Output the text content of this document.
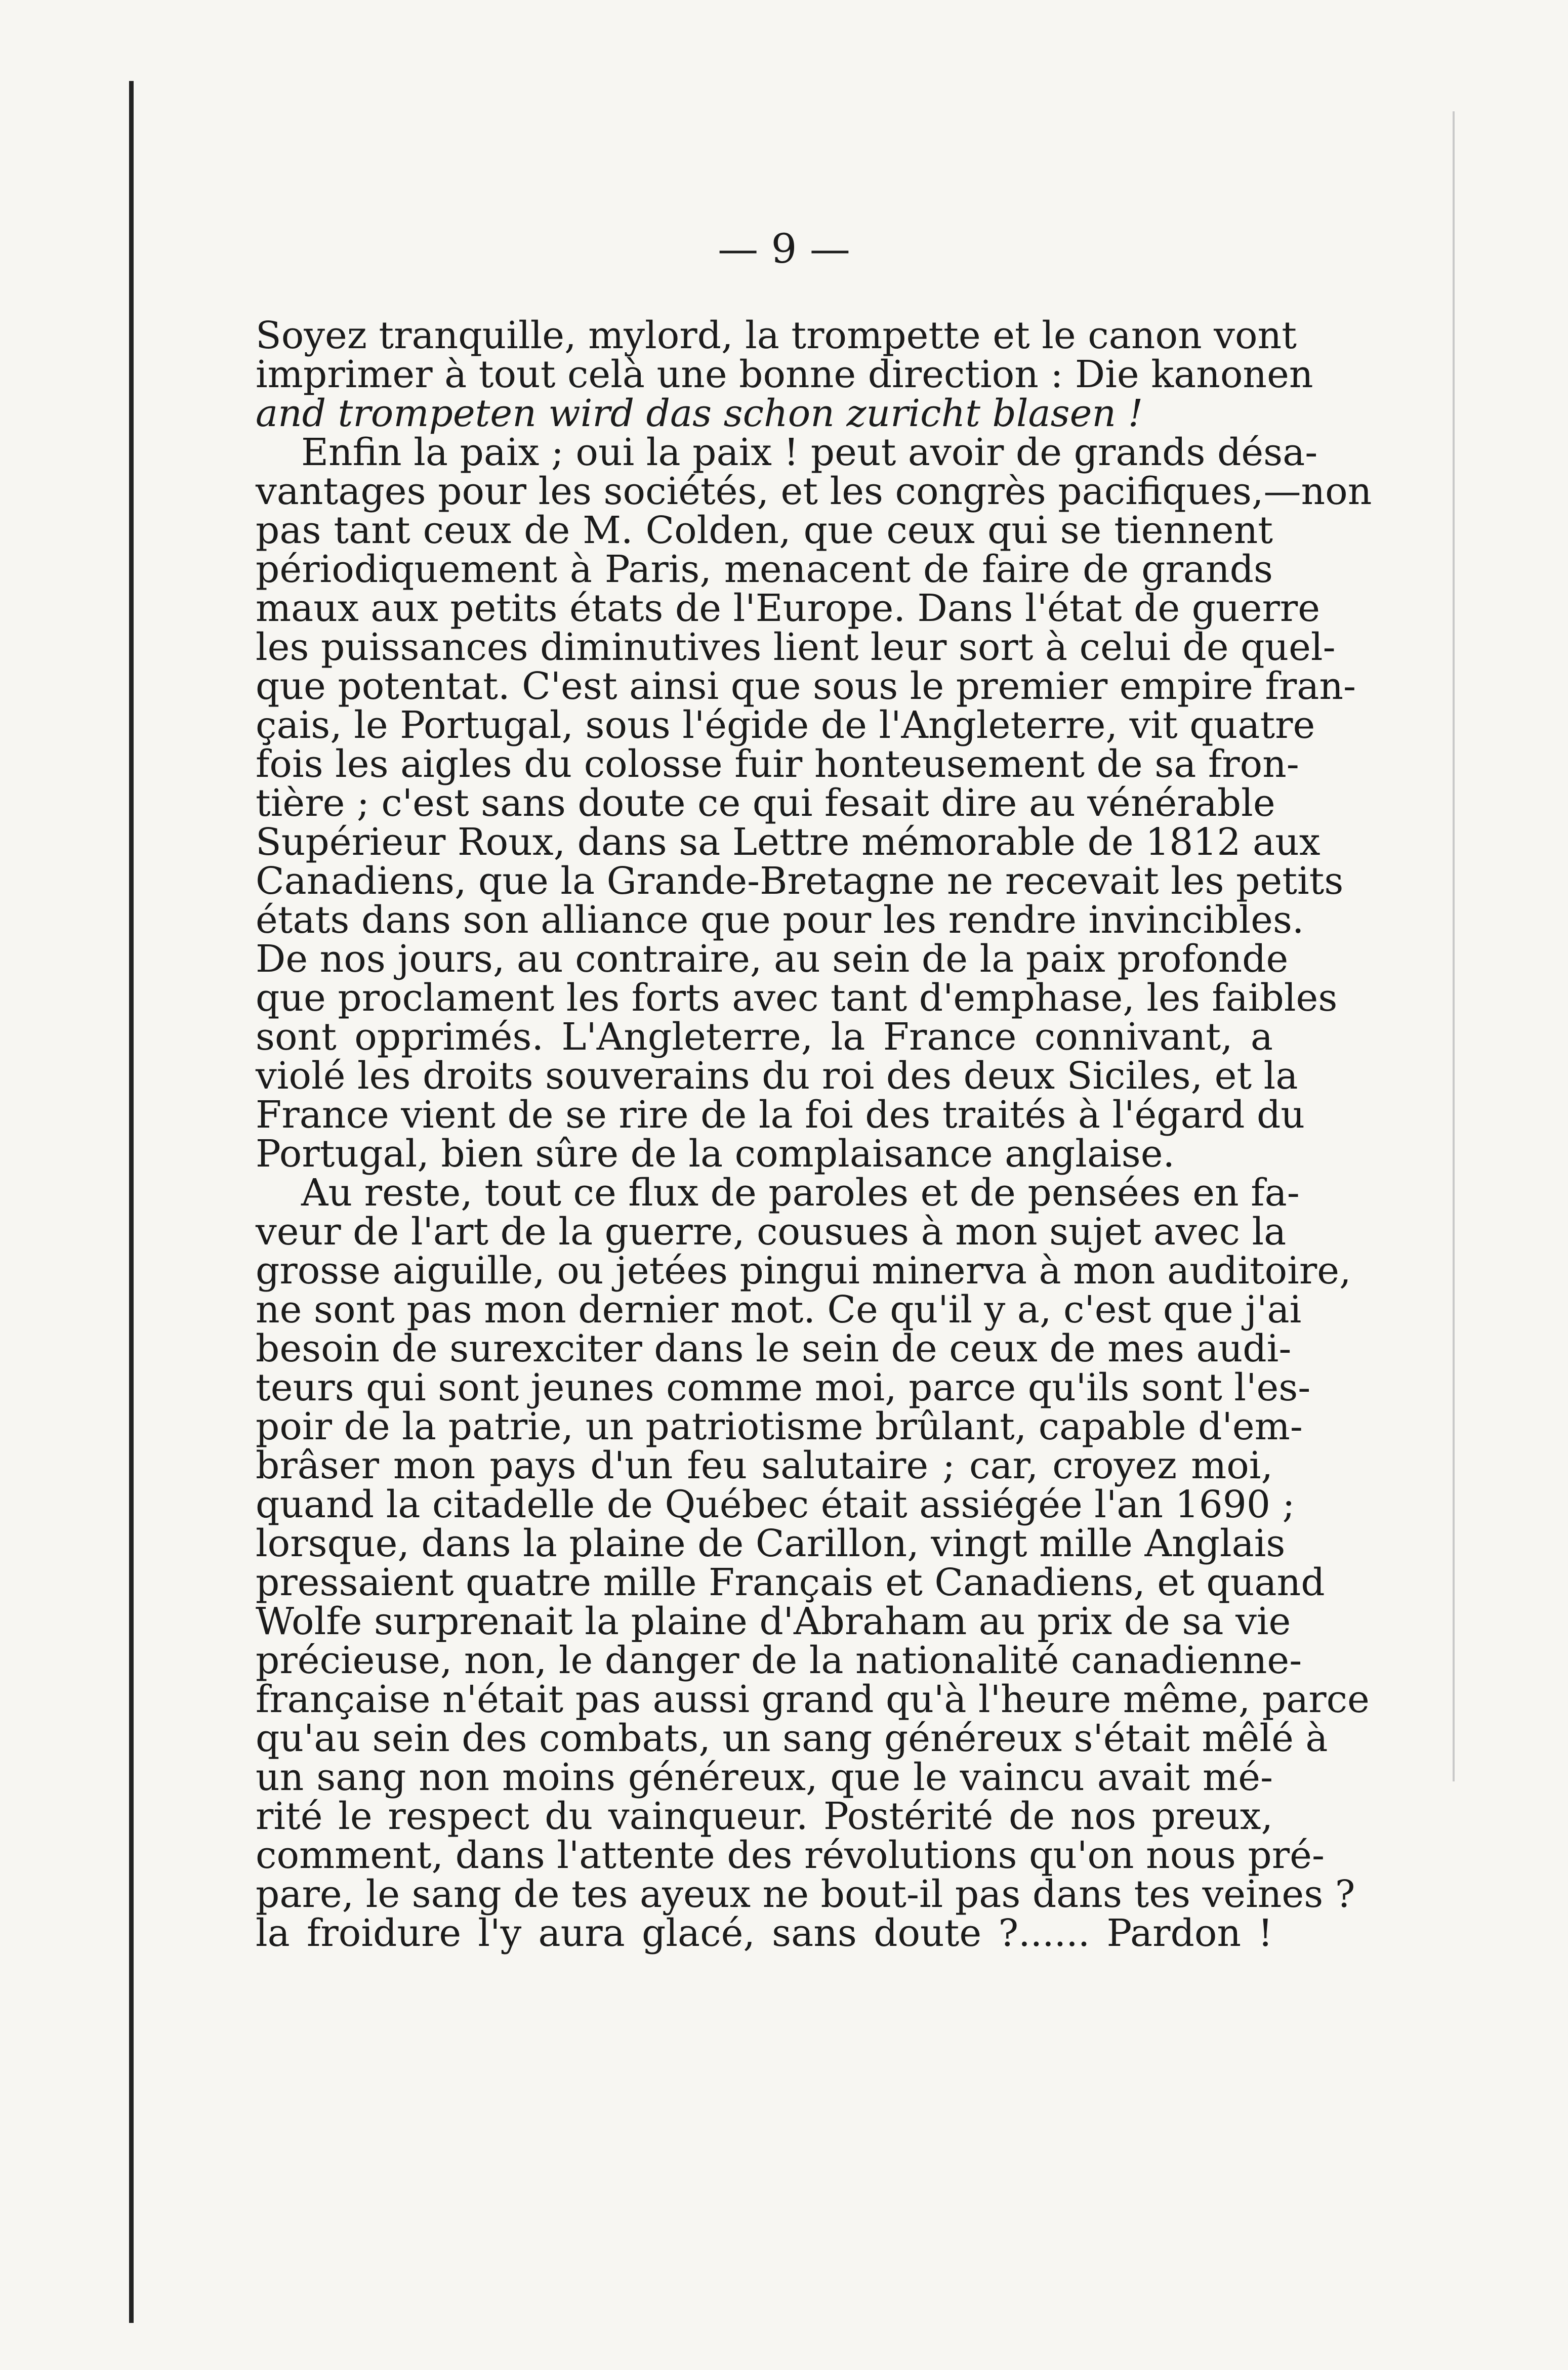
— 9 —
Soyez tranquille, mylord, la trompette et le canon vont
imprimer à tout celà une bonne direction : Die kanonen
and trompeten wird das schon zuricht blasen !
Enfin la paix ; oui la paix ! peut avoir de grands désa-
vantages pour les sociétés, et les congrès pacifiques,—non
pas tant ceux de M. Colden, que ceux qui se tiennent
périodiquement à Paris, menacent de faire de grands
maux aux petits états de l'Europe. Dans l'état de guerre
les puissances diminutives lient leur sort à celui de quel-
que potentat. C'est ainsi que sous le premier empire fran-
çais, le Portugal, sous l'égide de l'Angleterre, vit quatre
fois les aigles du colosse fuir honteusement de sa fron-
tière ; c'est sans doute ce qui fesait dire au vénérable
Supérieur Roux, dans sa Lettre mémorable de 1812 aux
Canadiens, que la Grande-Bretagne ne recevait les petits
états dans son alliance que pour les rendre invincibles.
De nos jours, au contraire, au sein de la paix profonde
que proclament les forts avec tant d'emphase, les faibles
sont opprimés. L'Angleterre, la France connivant, a
violé les droits souverains du roi des deux Siciles, et la
France vient de se rire de la foi des traités à l'égard du
Portugal, bien sûre de la complaisance anglaise.
Au reste, tout ce flux de paroles et de pensées en fa-
veur de l'art de la guerre, cousues à mon sujet avec la
grosse aiguille, ou jetées pingui minerva à mon auditoire,
ne sont pas mon dernier mot. Ce qu'il y a, c'est que j'ai
besoin de surexciter dans le sein de ceux de mes audi-
teurs qui sont jeunes comme moi, parce qu'ils sont l'es-
poir de la patrie, un patriotisme brûlant, capable d'em-
brâser mon pays d'un feu salutaire ; car, croyez moi,
quand la citadelle de Québec était assiégée l'an 1690 ;
lorsque, dans la plaine de Carillon, vingt mille Anglais
pressaient quatre mille Français et Canadiens, et quand
Wolfe surprenait la plaine d'Abraham au prix de sa vie
précieuse, non, le danger de la nationalité canadienne-
française n'était pas aussi grand qu'à l'heure même, parce
qu'au sein des combats, un sang généreux s'était mêlé à
un sang non moins généreux, que le vaincu avait mé-
rité le respect du vainqueur. Postérité de nos preux,
comment, dans l'attente des révolutions qu'on nous pré-
pare, le sang de tes ayeux ne bout-il pas dans tes veines ?
la froidure l'y aura glacé, sans doute ?...... Pardon !
